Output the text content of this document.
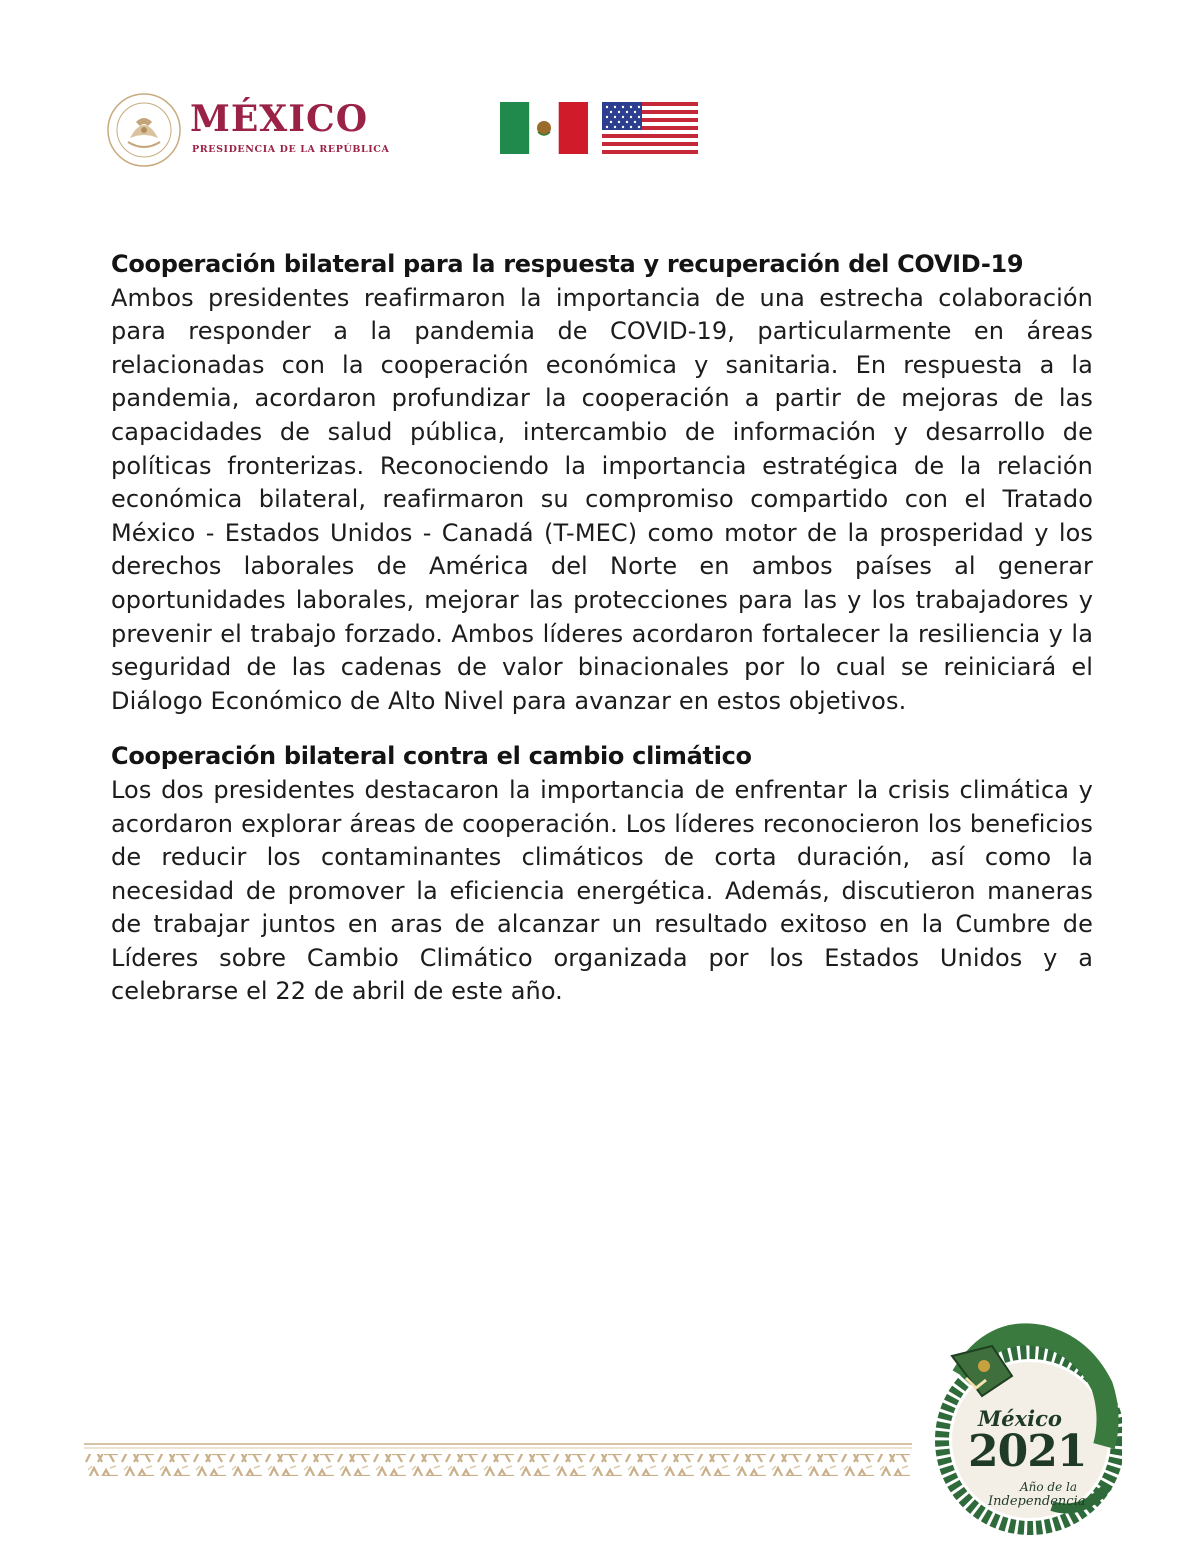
MÉXICO
PRESIDENCIA DE LA REPÚBLICA

Cooperación bilateral para la respuesta y recuperación del COVID-19

Ambos presidentes reafirmaron la importancia de una estrecha colaboración para responder a la pandemia de COVID-19, particularmente en áreas relacionadas con la cooperación económica y sanitaria. En respuesta a la pandemia, acordaron profundizar la cooperación a partir de mejoras de las capacidades de salud pública, intercambio de información y desarrollo de políticas fronterizas. Reconociendo la importancia estratégica de la relación económica bilateral, reafirmaron su compromiso compartido con el Tratado México - Estados Unidos - Canadá (T-MEC) como motor de la prosperidad y los derechos laborales de América del Norte en ambos países al generar oportunidades laborales, mejorar las protecciones para las y los trabajadores y prevenir el trabajo forzado. Ambos líderes acordaron fortalecer la resiliencia y la seguridad de las cadenas de valor binacionales por lo cual se reiniciará el Diálogo Económico de Alto Nivel para avanzar en estos objetivos.

Cooperación bilateral contra el cambio climático

Los dos presidentes destacaron la importancia de enfrentar la crisis climática y acordaron explorar áreas de cooperación. Los líderes reconocieron los beneficios de reducir los contaminantes climáticos de corta duración, así como la necesidad de promover la eficiencia energética. Además, discutieron maneras de trabajar juntos en aras de alcanzar un resultado exitoso en la Cumbre de Líderes sobre Cambio Climático organizada por los Estados Unidos y a celebrarse el 22 de abril de este año.

México
2021
Año de la
Independencia
